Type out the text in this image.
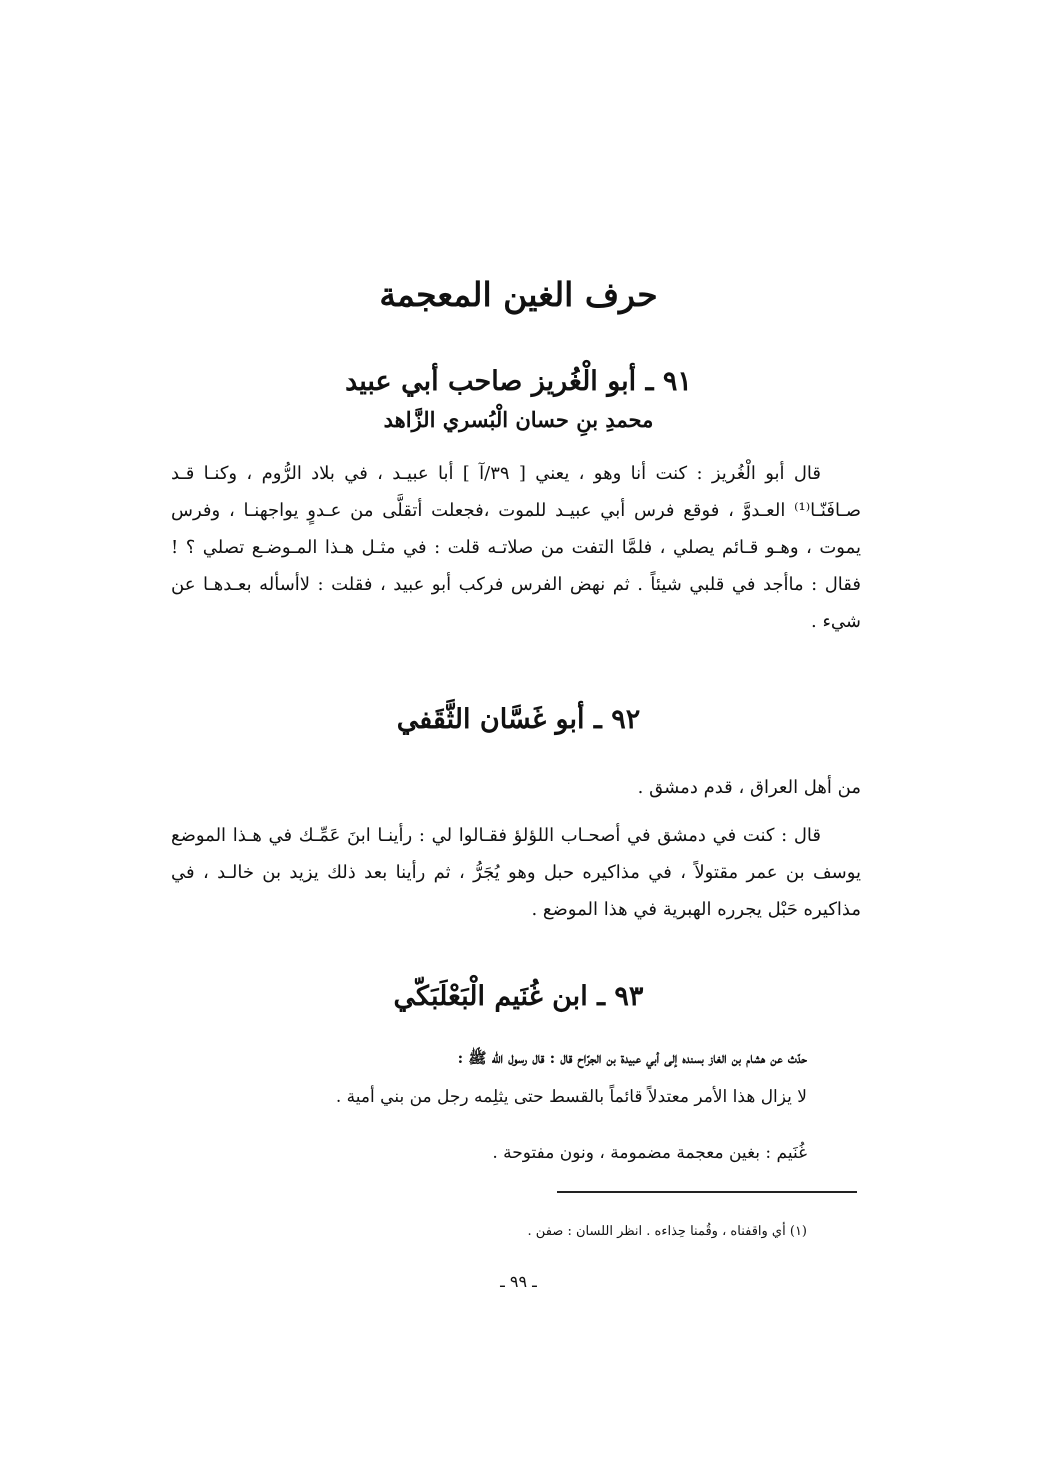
حرف الغين المعجمة
٩١ ـ أبو الْغُريز صاحب أبي عبيد
محمدِ بنِ حسان الْبُسري الزَّاهد

قال أبو الْغُريز : كنت أنا وهو ، يعني [ ٣٩/آ ] أبا عبيـد ، في بلاد الرُّوم ، وكنـا قـد صـافَنّـا⁽¹⁾ العـدوَّ ، فوقع فرس أبي عبيـد للموت ،فجعلت أتقلَّى من عـدوٍ يواجهنـا ، وفرس يموت ، وهـو قـائم يصلي ، فلمَّا التفت من صلاتـه قلت : في مثـل هـذا المـوضـع تصلي ؟ ! فقال : ماأجد في قلبي شيئاً . ثم نهض الفرس فركب أبو عبيد ، فقلت : لاأسأله بعـدهـا عن شيء .

٩٢ ـ أبو غَسَّان الثَّقَفي

من أهل العراق ، قدم دمشق .

قال : كنت في دمشق في أصحـاب اللؤلؤ فقـالوا لي : رأينـا ابنَ عَمِّـك في هـذا الموضع يوسف بن عمر مقتولاً ، في مذاكيره حبل وهو يُجَرُّ ، ثم رأينا بعد ذلك يزيد بن خالـد ، في مذاكيره حَبْل يجرره الهبرية في هذا الموضع .

٩٣ ـ ابن غُنَيم الْبَعْلَبَكّي

حدّث عن هشام بن الغاز بسنده إلى أبي عبيدة بن الجرّاح قال : قال رسول الله ﷺ :

لا يزال هذا الأمر معتدلاً قائماً بالقسط حتى يثلِمه رجل من بني أمية .

غُنَيم : بغين معجمة مضمومة ، ونون مفتوحة .

(١) أي واقفناه ، وقُمنا حِذاءه . انظر اللسان : صفن .

ـ ٩٩ ـ
